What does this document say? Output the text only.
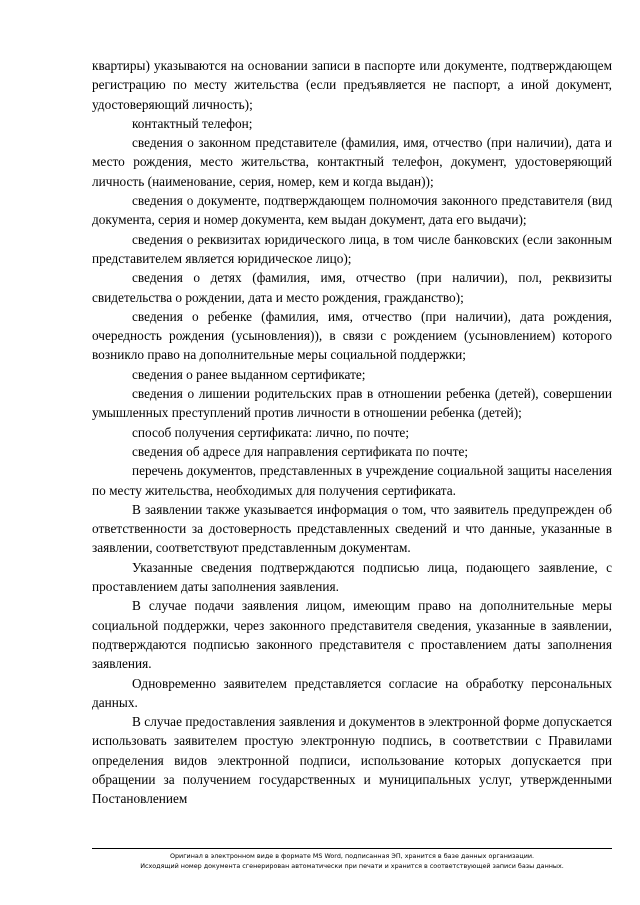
квартиры) указываются на основании записи в паспорте или документе, подтверждающем регистрацию по месту жительства (если предъявляется не паспорт, а иной документ, удостоверяющий личность);

контактный телефон;

сведения о законном представителе (фамилия, имя, отчество (при наличии), дата и место рождения, место жительства, контактный телефон, документ, удостоверяющий личность (наименование, серия, номер, кем и когда выдан));

сведения о документе, подтверждающем полномочия законного представителя (вид документа, серия и номер документа, кем выдан документ, дата его выдачи);

сведения о реквизитах юридического лица, в том числе банковских (если законным представителем является юридическое лицо);

сведения о детях (фамилия, имя, отчество (при наличии), пол, реквизиты свидетельства о рождении, дата и место рождения, гражданство);

сведения о ребенке (фамилия, имя, отчество (при наличии), дата рождения, очередность рождения (усыновления)), в связи с рождением (усыновлением) которого возникло право на дополнительные меры социальной поддержки;

сведения о ранее выданном сертификате;

сведения о лишении родительских прав в отношении ребенка (детей), совершении умышленных преступлений против личности в отношении ребенка (детей);

способ получения сертификата: лично, по почте;

сведения об адресе для направления сертификата по почте;

перечень документов, представленных в учреждение социальной защиты населения по месту жительства, необходимых для получения сертификата.

В заявлении также указывается информация о том, что заявитель предупрежден об ответственности за достоверность представленных сведений и что данные, указанные в заявлении, соответствуют представленным документам.

Указанные сведения подтверждаются подписью лица, подающего заявление, с проставлением даты заполнения заявления.

В случае подачи заявления лицом, имеющим право на дополнительные меры социальной поддержки, через законного представителя сведения, указанные в заявлении, подтверждаются подписью законного представителя с проставлением даты заполнения заявления.

Одновременно заявителем представляется согласие на обработку персональных данных.

В случае предоставления заявления и документов в электронной форме допускается использовать заявителем простую электронную подпись, в соответствии с Правилами определения видов электронной подписи, использование которых допускается при обращении за получением государственных и муниципальных услуг, утвержденными Постановлением

Оригинал в электронном виде в формате MS Word, подписанная ЭП, хранится в базе данных организации.
Исходящий номер документа сгенерирован автоматически при печати и хранится в соответствующей записи базы данных.
